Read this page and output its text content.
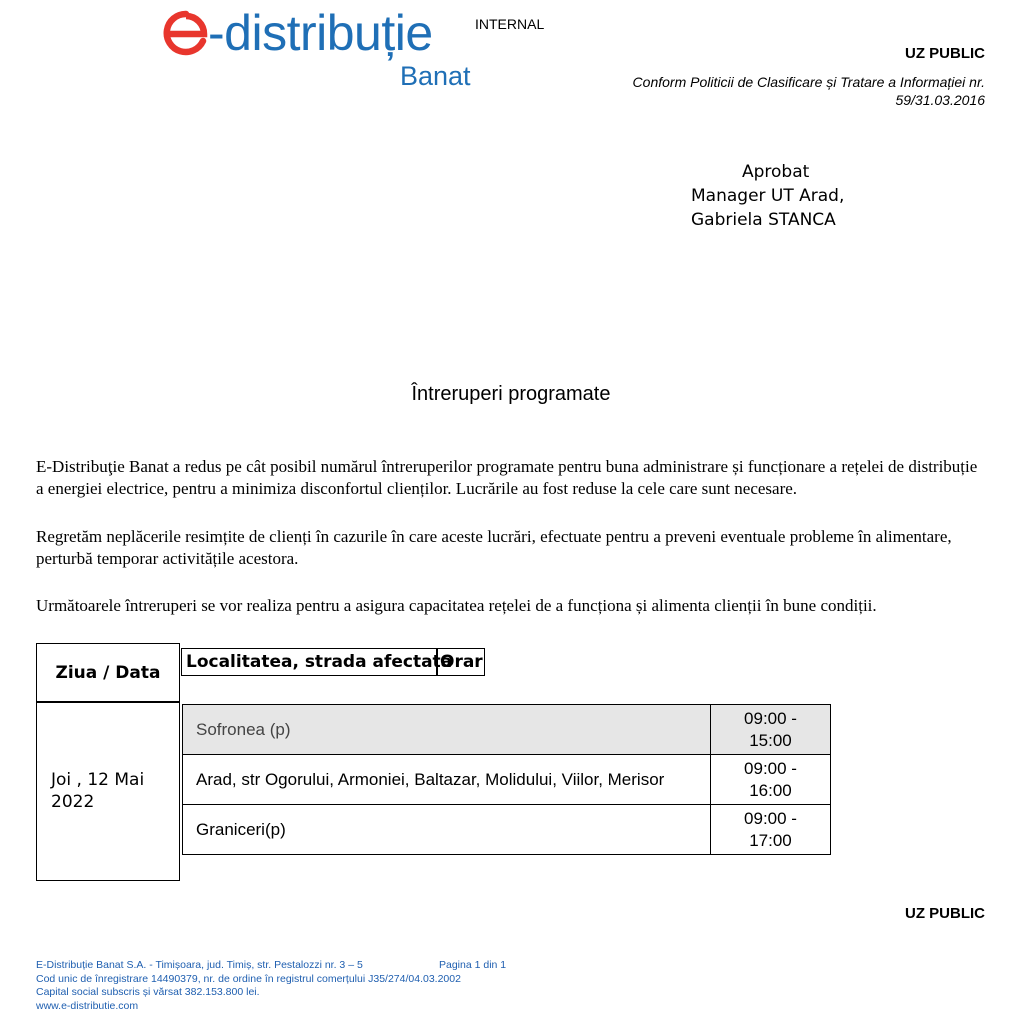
-distribuție
Banat
INTERNAL
UZ PUBLIC
Conform Politicii de Clasificare și Tratare a Informației nr.
59/31.03.2016
Aprobat
Manager UT Arad,
Gabriela STANCA
Întreruperi programate
E-Distribuţie Banat a redus pe cât posibil numărul întreruperilor programate pentru buna administrare și funcționare a rețelei de distribuție a energiei electrice, pentru a minimiza disconfortul clienților. Lucrările au fost reduse la cele care sunt necesare.
Regretăm neplăcerile resimțite de clienți în cazurile în care aceste lucrări, efectuate pentru a preveni eventuale probleme în alimentare, perturbă temporar activitățile acestora.
Următoarele întreruperi se vor realiza pentru a asigura capacitatea rețelei de a funcționa și alimenta clienții în bune condiții.
Ziua / Data
Joi , 12 Mai
2022
Localitatea, strada afectata
Orar
Sofronea (p)
09:00 -
15:00
Arad, str Ogorului, Armoniei, Baltazar, Molidului, Viilor, Merisor
09:00 -
16:00
Graniceri(p)
09:00 -
17:00
UZ PUBLIC
E-Distribuție Banat S.A. - Timișoara, jud. Timiș, str. Pestalozzi nr. 3 – 5	Pagina 1 din 1
Cod unic de înregistrare 14490379, nr. de ordine în registrul comerțului J35/274/04.03.2002
Capital social subscris și vărsat 382.153.800 lei.
www.e-distributie.com
